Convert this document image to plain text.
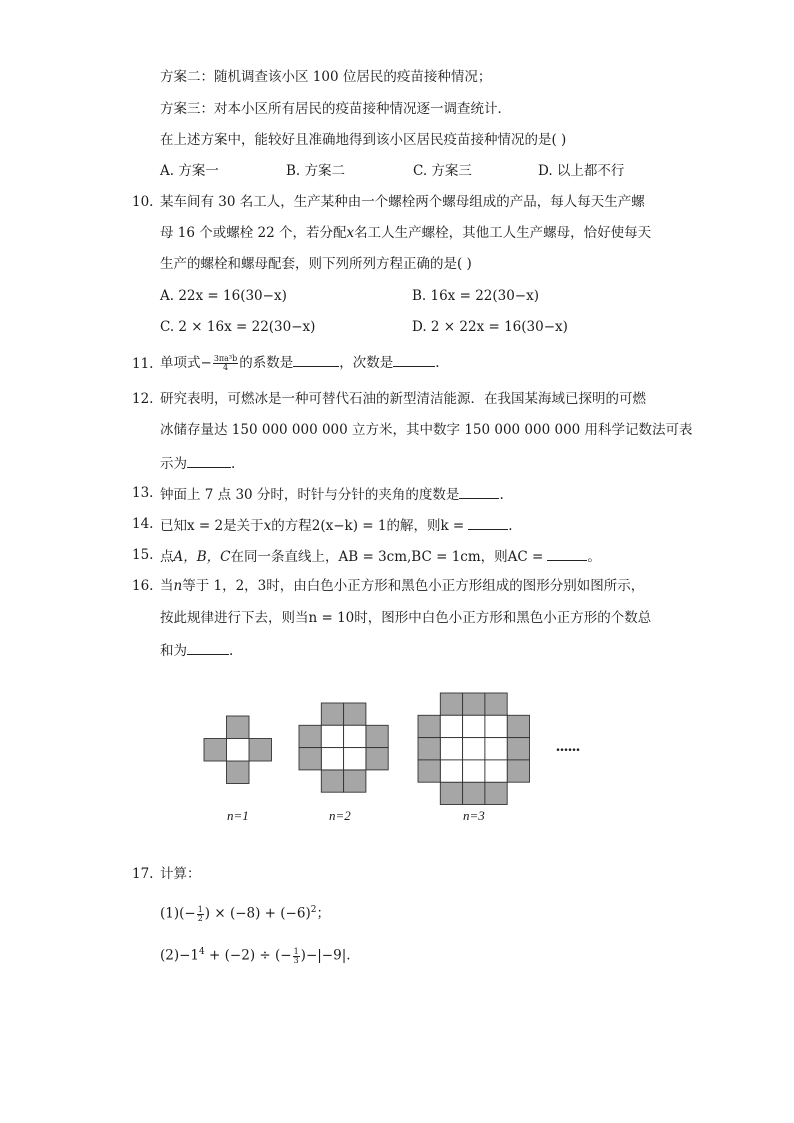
方案二：随机调查该小区 100 位居民的疫苗接种情况；
方案三：对本小区所有居民的疫苗接种情况逐一调查统计．
在上述方案中，能较好且准确地得到该小区居民疫苗接种情况的是( )
A. 方案一	B. 方案二	C. 方案三	D. 以上都不行
10. 某车间有 30 名工人，生产某种由一个螺栓两个螺母组成的产品，每人每天生产螺
母 16 个或螺栓 22 个，若分配x名工人生产螺栓，其他工人生产螺母，恰好使每天
生产的螺栓和螺母配套，则下列所列方程正确的是( )
A. 22x = 16(30−x)	B. 16x = 22(30−x)
C. 2 × 16x = 22(30−x)	D. 2 × 22x = 16(30−x)
11. 单项式− $\frac{\text{3πa³b}}{4}$ 的系数是	，次数是	.
12. 研究表明，可燃冰是一种可替代石油的新型清洁能源．在我国某海域已探明的可燃
冰储存量达 150 000 000 000 立方米，其中数字 150 000 000 000 用科学记数法可表
示为	.
13. 钟面上 7 点 30 分时，时针与分针的夹角的度数是	.
14. 已知x = 2是关于x的方程2(x−k) = 1的解，则k =	.
15. 点A，B，C在同一条直线上，AB = 3cm,BC = 1cm，则AC =	。
16. 当n等于 1，2，3时，由白色小正方形和黑色小正方形组成的图形分别如图所示，
按此规律进行下去，则当n = 10时，图形中白色小正方形和黑色小正方形的个数总
和为	.
......
n=1	n=2	n=3
17. 计算：
$(1)(- \frac{1}{2}$ ) × $(-8) + (-6)^2$；
$(2)-1^4 + (-2)$ ÷ (− $\frac{1}{3} )-|-9|$.
